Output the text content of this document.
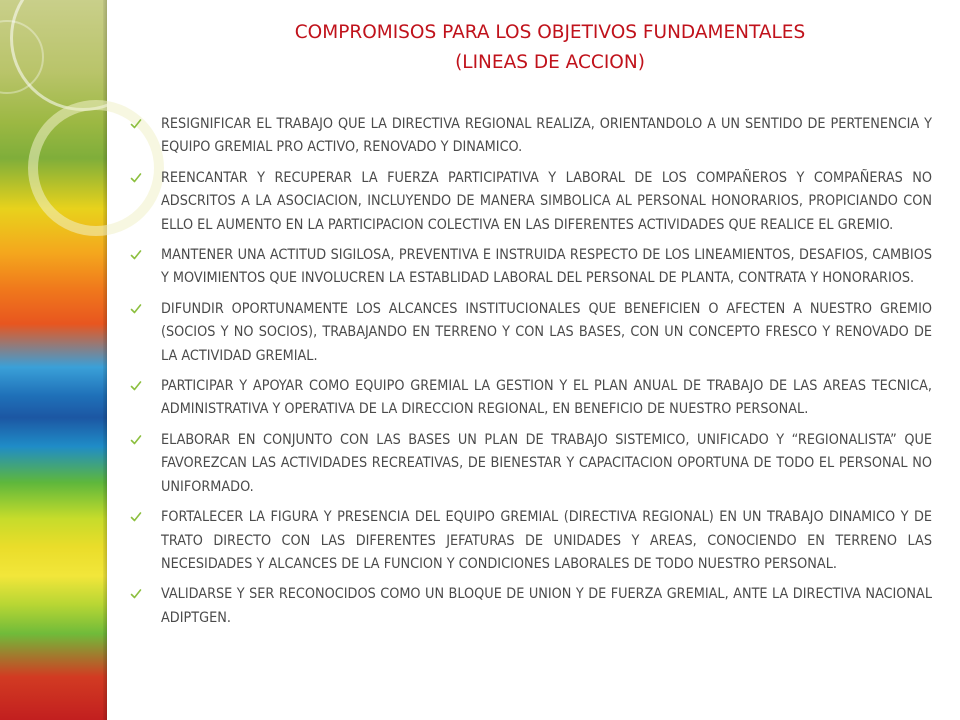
COMPROMISOS PARA LOS OBJETIVOS FUNDAMENTALES
(LINEAS DE ACCION)
RESIGNIFICAR EL TRABAJO QUE LA DIRECTIVA REGIONAL REALIZA, ORIENTANDOLO A UN SENTIDO DE PERTENENCIA Y EQUIPO GREMIAL PRO ACTIVO, RENOVADO Y DINAMICO.
REENCANTAR Y RECUPERAR LA FUERZA PARTICIPATIVA Y LABORAL DE LOS COMPAÑEROS Y COMPAÑERAS NO ADSCRITOS A LA ASOCIACION, INCLUYENDO DE MANERA SIMBOLICA AL PERSONAL HONORARIOS, PROPICIANDO CON ELLO EL AUMENTO EN LA PARTICIPACION COLECTIVA EN LAS DIFERENTES ACTIVIDADES QUE REALICE EL GREMIO.
MANTENER UNA ACTITUD SIGILOSA, PREVENTIVA E INSTRUIDA RESPECTO DE LOS LINEAMIENTOS, DESAFIOS, CAMBIOS Y MOVIMIENTOS QUE INVOLUCREN LA ESTABLIDAD LABORAL DEL PERSONAL DE PLANTA, CONTRATA Y HONORARIOS.
DIFUNDIR OPORTUNAMENTE LOS ALCANCES INSTITUCIONALES QUE BENEFICIEN O AFECTEN A NUESTRO GREMIO (SOCIOS Y NO SOCIOS), TRABAJANDO EN TERRENO Y CON LAS BASES, CON UN CONCEPTO FRESCO Y RENOVADO DE LA ACTIVIDAD GREMIAL.
PARTICIPAR Y APOYAR COMO EQUIPO GREMIAL LA GESTION Y EL PLAN ANUAL DE TRABAJO DE LAS AREAS TECNICA, ADMINISTRATIVA Y OPERATIVA DE LA DIRECCION REGIONAL, EN BENEFICIO DE NUESTRO PERSONAL.
ELABORAR EN CONJUNTO CON LAS BASES UN PLAN DE TRABAJO SISTEMICO, UNIFICADO Y “REGIONALISTA” QUE FAVOREZCAN LAS ACTIVIDADES RECREATIVAS, DE BIENESTAR Y CAPACITACION OPORTUNA DE TODO EL PERSONAL NO UNIFORMADO.
FORTALECER LA FIGURA Y PRESENCIA DEL EQUIPO GREMIAL (DIRECTIVA REGIONAL) EN UN TRABAJO DINAMICO Y DE TRATO DIRECTO CON LAS DIFERENTES JEFATURAS DE UNIDADES Y AREAS, CONOCIENDO EN TERRENO LAS NECESIDADES Y ALCANCES DE LA FUNCION Y CONDICIONES LABORALES DE TODO NUESTRO PERSONAL.
VALIDARSE Y SER RECONOCIDOS COMO UN BLOQUE DE UNION Y DE FUERZA GREMIAL, ANTE LA DIRECTIVA NACIONAL ADIPTGEN.
